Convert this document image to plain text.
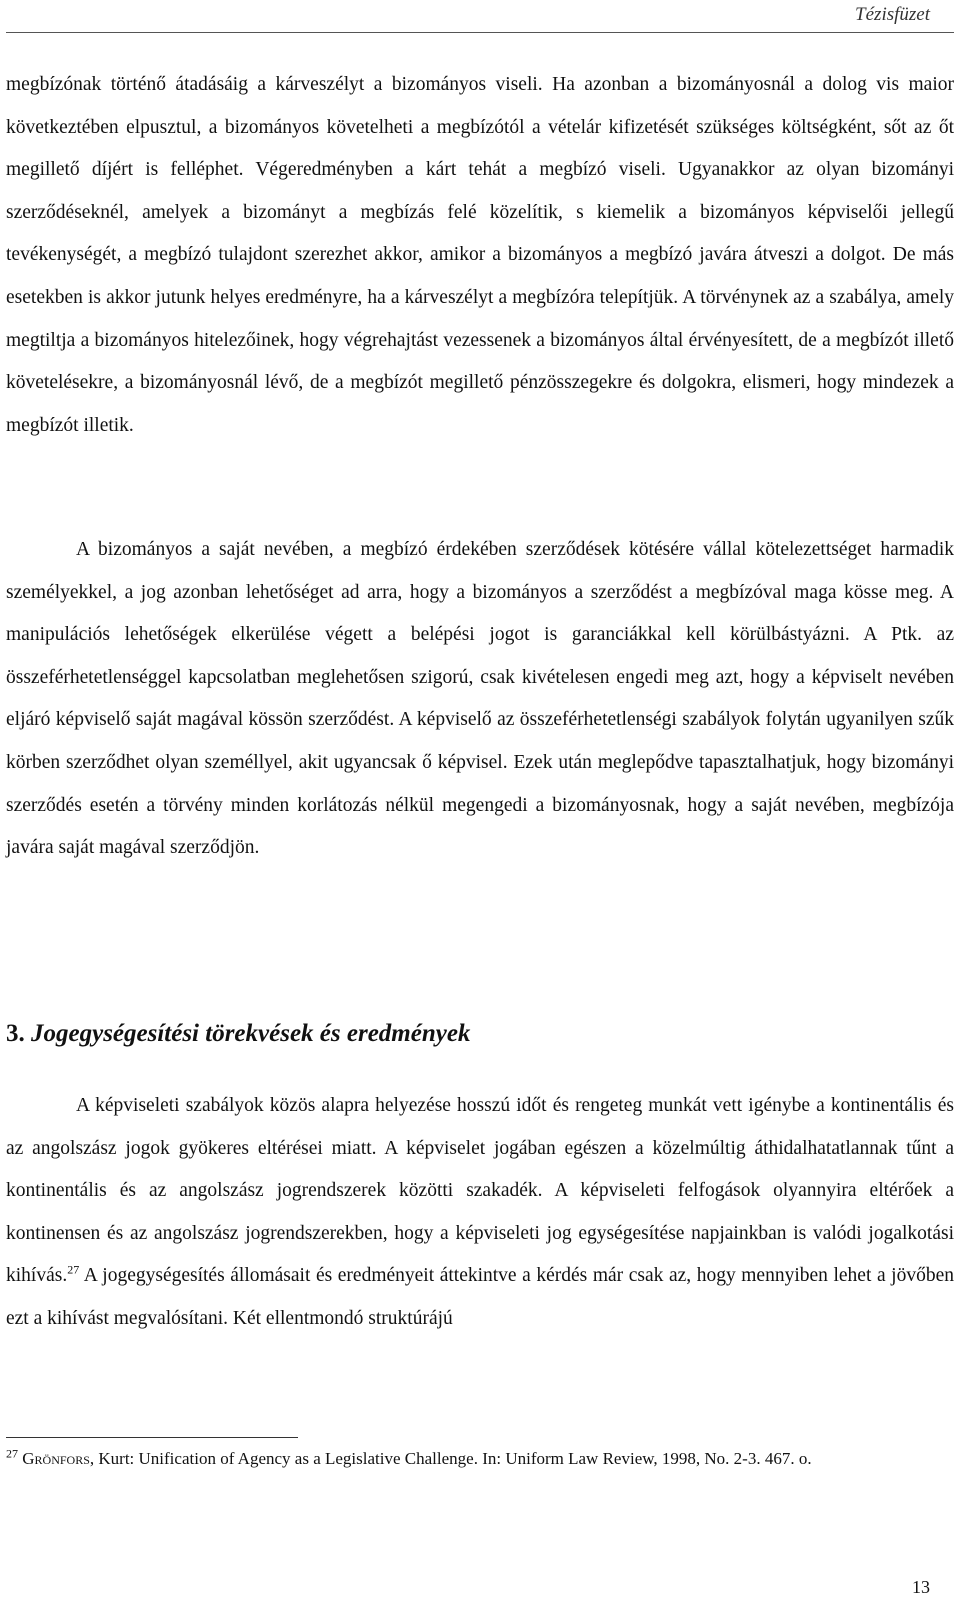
Tézisfüzet

megbízónak történő átadásáig a kárveszélyt a bizományos viseli. Ha azonban a bizományosnál a dolog vis maior következtében elpusztul, a bizományos követelheti a megbízótól a vételár kifizetését szükséges költségként, sőt az őt megillető díjért is felléphet. Végeredményben a kárt tehát a megbízó viseli. Ugyanakkor az olyan bizományi szerződéseknél, amelyek a bizományt a megbízás felé közelítik, s kiemelik a bizományos képviselői jellegű tevékenységét, a megbízó tulajdont szerezhet akkor, amikor a bizományos a megbízó javára átveszi a dolgot. De más esetekben is akkor jutunk helyes eredményre, ha a kárveszélyt a megbízóra telepítjük. A törvénynek az a szabálya, amely megtiltja a bizományos hitelezőinek, hogy végrehajtást vezessenek a bizományos által érvényesített, de a megbízót illető követelésekre, a bizományosnál lévő, de a megbízót megillető pénzösszegekre és dolgokra, elismeri, hogy mindezek a megbízót illetik.

A bizományos a saját nevében, a megbízó érdekében szerződések kötésére vállal kötelezettséget harmadik személyekkel, a jog azonban lehetőséget ad arra, hogy a bizományos a szerződést a megbízóval maga kösse meg. A manipulációs lehetőségek elkerülése végett a belépési jogot is garanciákkal kell körülbástyázni. A Ptk. az összeférhetetlenséggel kapcsolatban meglehetősen szigorú, csak kivételesen engedi meg azt, hogy a képviselt nevében eljáró képviselő saját magával kössön szerződést. A képviselő az összeférhetetlenségi szabályok folytán ugyanilyen szűk körben szerződhet olyan személlyel, akit ugyancsak ő képvisel. Ezek után meglepődve tapasztalhatjuk, hogy bizományi szerződés esetén a törvény minden korlátozás nélkül megengedi a bizományosnak, hogy a saját nevében, megbízója javára saját magával szerződjön.

3. Jogegységesítési törekvések és eredmények

A képviseleti szabályok közös alapra helyezése hosszú időt és rengeteg munkát vett igénybe a kontinentális és az angolszász jogok gyökeres eltérései miatt. A képviselet jogában egészen a közelmúltig áthidalhatatlannak tűnt a kontinentális és az angolszász jogrendszerek közötti szakadék. A képviseleti felfogások olyannyira eltérőek a kontinensen és az angolszász jogrendszerekben, hogy a képviseleti jog egységesítése napjainkban is valódi jogalkotási kihívás.$^{27}$ A jogegységesítés állomásait és eredményeit áttekintve a kérdés már csak az, hogy mennyiben lehet a jövőben ezt a kihívást megvalósítani. Két ellentmondó struktúrájú

$^{27}$ Grönfors, Kurt: Unification of Agency as a Legislative Challenge. In: Uniform Law Review, 1998, No. 2-3. 467. o.

13
